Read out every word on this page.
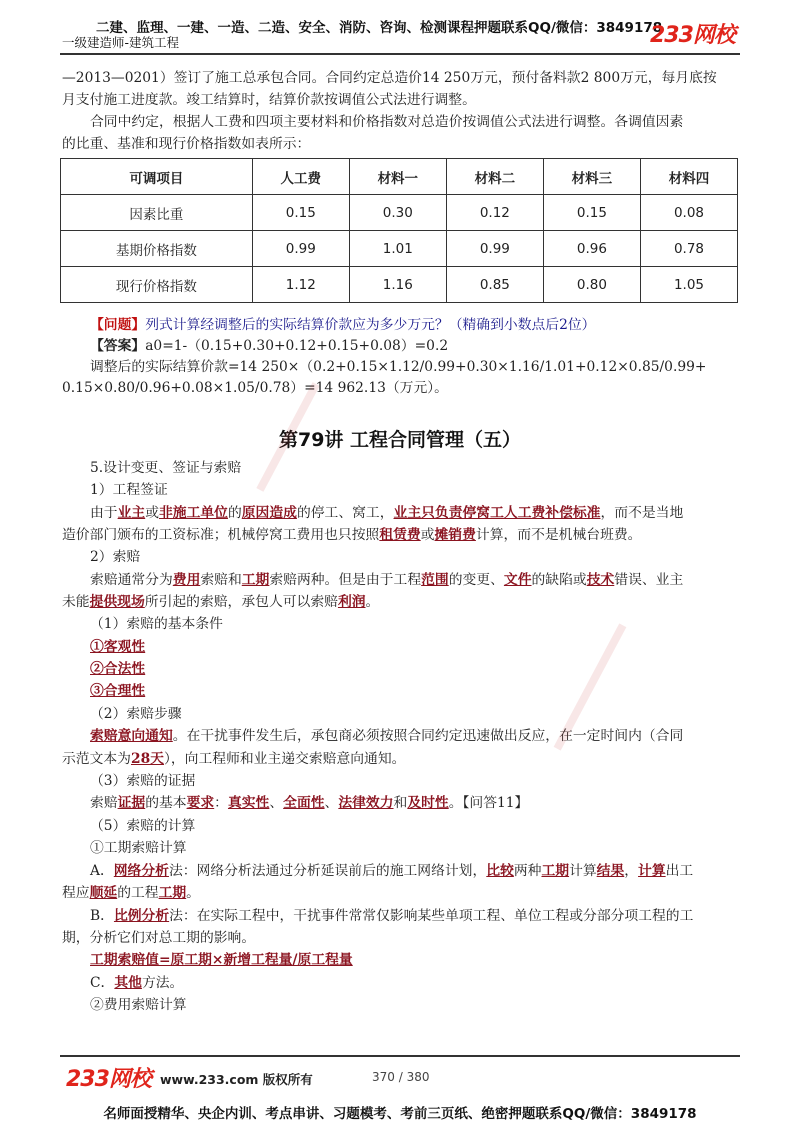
二建、监理、一建、一造、二造、安全、消防、咨询、检测课程押题联系QQ/微信：3849178
一级建造师-建筑工程	233网校
—2013—0201）签订了施工总承包合同。合同约定总造价14 250万元，预付备料款2 800万元，每月底按
月支付施工进度款。竣工结算时，结算价款按调值公式法进行调整。
合同中约定，根据人工费和四项主要材料和价格指数对总造价按调值公式法进行调整。各调值因素
的比重、基准和现行价格指数如表所示：
可调项目	人工费	材料一	材料二	材料三	材料四
因素比重	0.15	0.30	0.12	0.15	0.08
基期价格指数	0.99	1.01	0.99	0.96	0.78
现行价格指数	1.12	1.16	0.85	0.80	1.05
【问题】列式计算经调整后的实际结算价款应为多少万元？（精确到小数点后2位）
【答案】a0=1-（0.15+0.30+0.12+0.15+0.08）=0.2
调整后的实际结算价款=14 250×（0.2+0.15×1.12/0.99+0.30×1.16/1.01+0.12×0.85/0.99+
0.15×0.80/0.96+0.08×1.05/0.78）=14 962.13（万元）。
第79讲 工程合同管理（五）
5.设计变更、签证与索赔
1）工程签证
由于业主或非施工单位的原因造成的停工、窝工，业主只负责停窝工人工费补偿标准，而不是当地
造价部门颁布的工资标准；机械停窝工费用也只按照租赁费或摊销费计算，而不是机械台班费。
2）索赔
索赔通常分为费用索赔和工期索赔两种。但是由于工程范围的变更、文件的缺陷或技术错误、业主
未能提供现场所引起的索赔，承包人可以索赔利润。
（1）索赔的基本条件
①客观性
②合法性
③合理性
（2）索赔步骤
索赔意向通知。在干扰事件发生后，承包商必须按照合同约定迅速做出反应，在一定时间内（合同
示范文本为28天），向工程师和业主递交索赔意向通知。
（3）索赔的证据
索赔证据的基本要求：真实性、全面性、法律效力和及时性。【问答11】
（5）索赔的计算
①工期索赔计算
A．网络分析法：网络分析法通过分析延误前后的施工网络计划，比较两种工期计算结果，计算出工
程应顺延的工程工期。
B．比例分析法：在实际工程中，干扰事件常常仅影响某些单项工程、单位工程或分部分项工程的工
期，分析它们对总工期的影响。
工期索赔值=原工期×新增工程量/原工程量
C．其他方法。
②费用索赔计算
233网校 www.233.com 版权所有	370 / 380
名师面授精华、央企内训、考点串讲、习题模考、考前三页纸、绝密押题联系QQ/微信：3849178
